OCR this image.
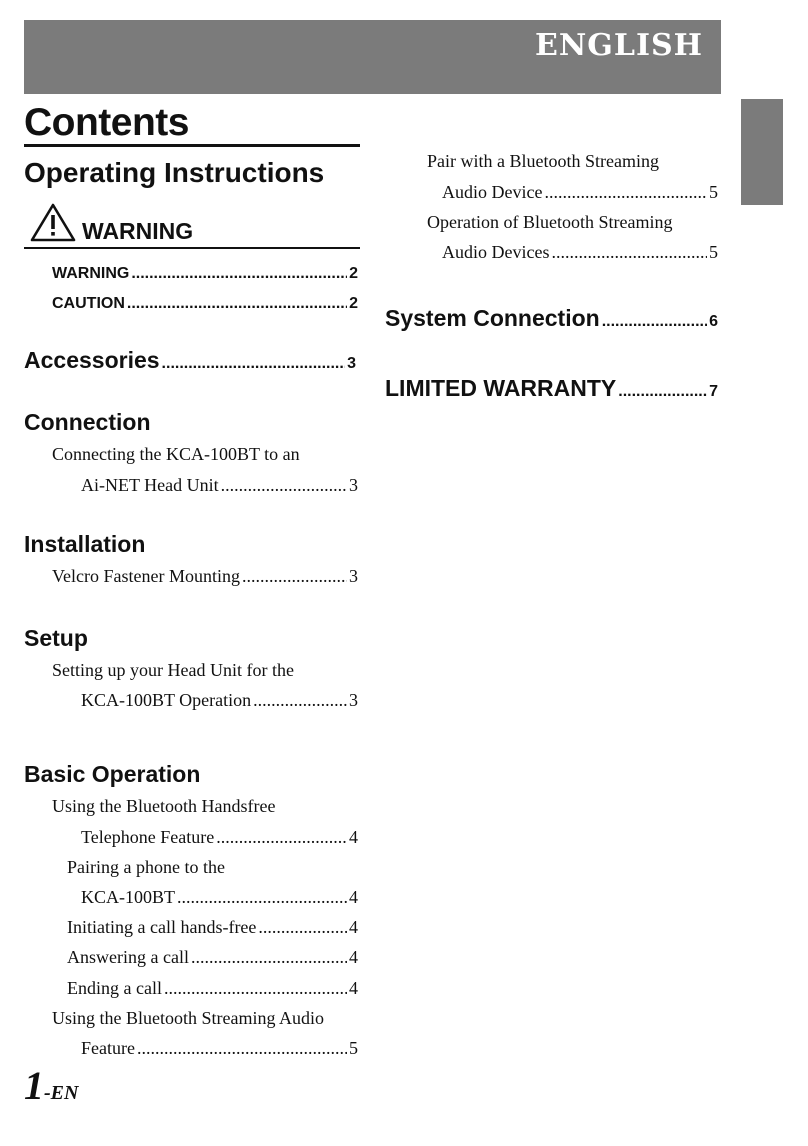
ENGLISH
Contents
Operating Instructions
WARNING
WARNING .....	2
CAUTION .....	2
Accessories .....	3
Connection
Connecting the KCA-100BT to an
Ai-NET Head Unit .....	3
Installation
Velcro Fastener Mounting .....	3
Setup
Setting up your Head Unit for the
KCA-100BT Operation .....	3
Basic Operation
Using the Bluetooth Handsfree
Telephone Feature .....	4
Pairing a phone to the
KCA-100BT .....	4
Initiating a call hands-free .....	4
Answering a call .....	4
Ending a call .....	4
Using the Bluetooth Streaming Audio
Feature .....	5
Pair with a Bluetooth Streaming
Audio Device .....	5
Operation of Bluetooth Streaming
Audio Devices .....	5
System Connection .....	6
LIMITED WARRANTY .....	7
1-EN
